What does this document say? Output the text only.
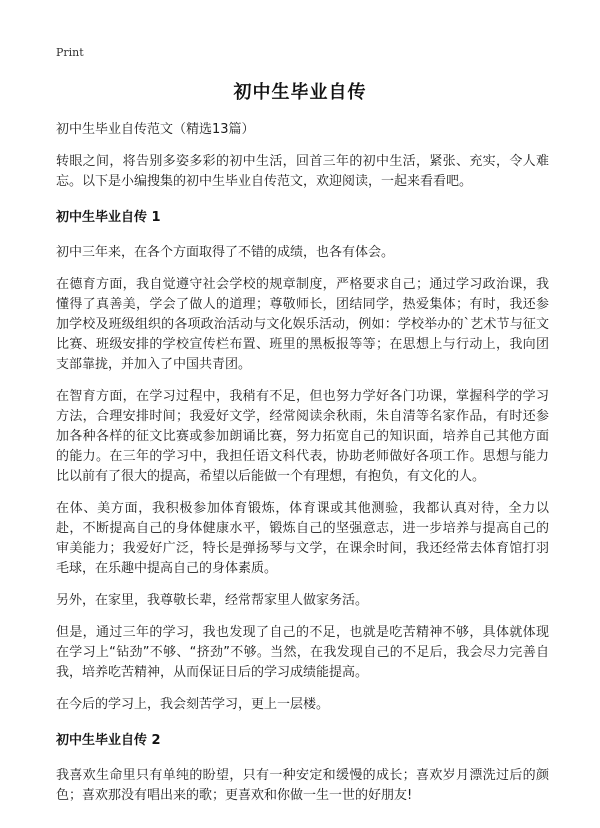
Print
初中生毕业自传

初中生毕业自传范文（精选13篇）

转眼之间，将告别多姿多彩的初中生活，回首三年的初中生活，紧张、充实，令人难忘。以下是小编搜集的初中生毕业自传范文，欢迎阅读，一起来看看吧。

初中生毕业自传 1

初中三年来，在各个方面取得了不错的成绩，也各有体会。

在德育方面，我自觉遵守社会学校的规章制度，严格要求自己；通过学习政治课，我懂得了真善美，学会了做人的道理；尊敬师长，团结同学，热爱集体；有时，我还参加学校及班级组织的各项政治活动与文化娱乐活动，例如：学校举办的`艺术节与征文比赛、班级安排的学校宣传栏布置、班里的黑板报等等；在思想上与行动上，我向团支部靠拢，并加入了中国共青团。

在智育方面，在学习过程中，我稍有不足，但也努力学好各门功课，掌握科学的学习方法，合理安排时间；我爱好文学，经常阅读余秋雨，朱自清等名家作品，有时还参加各种各样的征文比赛或参加朗诵比赛，努力拓宽自己的知识面，培养自己其他方面的能力。在三年的学习中，我担任语文科代表，协助老师做好各项工作。思想与能力比以前有了很大的提高，希望以后能做一个有理想，有抱负，有文化的人。

在体、美方面，我积极参加体育锻炼，体育课或其他测验，我都认真对待，全力以赴，不断提高自己的身体健康水平，锻炼自己的坚强意志，进一步培养与提高自己的审美能力；我爱好广泛，特长是弹扬琴与文学，在课余时间，我还经常去体育馆打羽毛球，在乐趣中提高自己的身体素质。

另外，在家里，我尊敬长辈，经常帮家里人做家务活。

但是，通过三年的学习，我也发现了自己的不足，也就是吃苦精神不够，具体就体现在学习上“钻劲”不够、“挤劲”不够。当然，在我发现自己的不足后，我会尽力完善自我，培养吃苦精神，从而保证日后的学习成绩能提高。

在今后的学习上，我会刻苦学习，更上一层楼。

初中生毕业自传 2

我喜欢生命里只有单纯的盼望，只有一种安定和缓慢的成长；喜欢岁月漂洗过后的颜色；喜欢那没有唱出来的歌；更喜欢和你做一生一世的好朋友!
